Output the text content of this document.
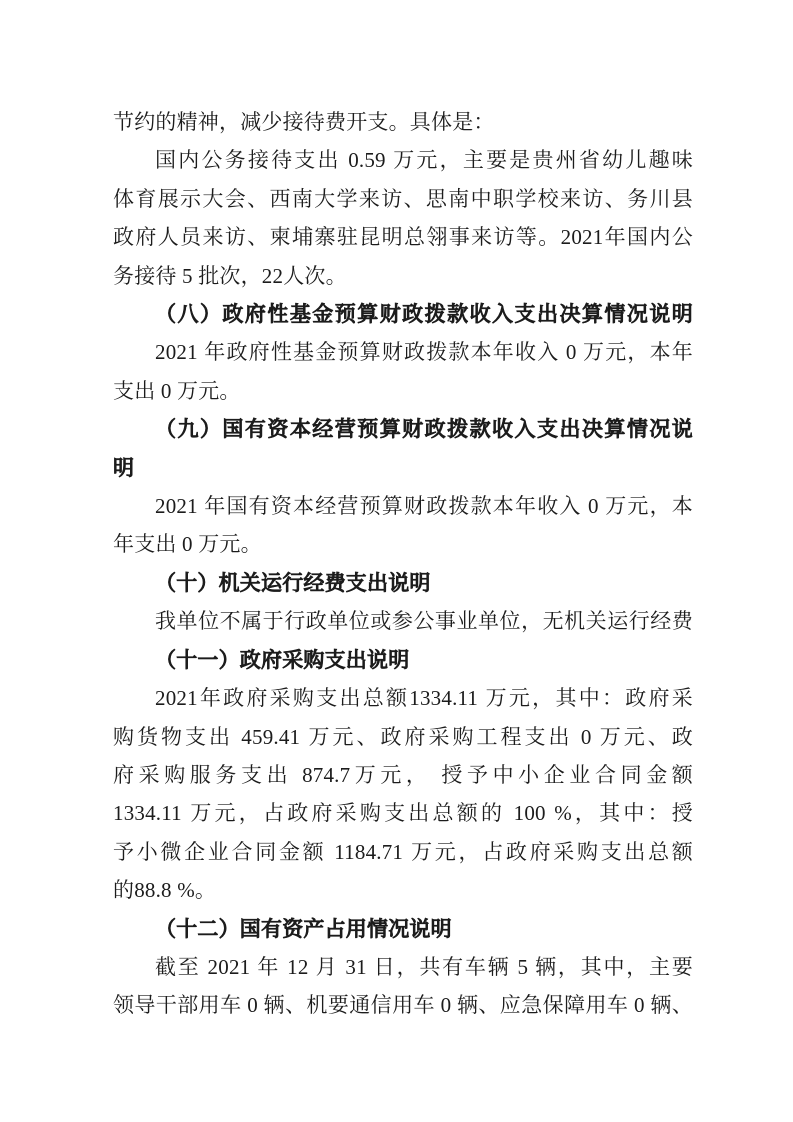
节约的精神，减少接待费开支。具体是：
国内公务接待支出 0.59 万元，主要是贵州省幼儿趣味
体育展示大会、西南大学来访、思南中职学校来访、务川县
政府人员来访、柬埔寨驻昆明总翎事来访等。2021年国内公
务接待 5 批次，22人次。
（八）政府性基金预算财政拨款收入支出决算情况说明
2021 年政府性基金预算财政拨款本年收入 0 万元，本年
支出 0 万元。
（九）国有资本经营预算财政拨款收入支出决算情况说
明
2021 年国有资本经营预算财政拨款本年收入 0 万元，本
年支出 0 万元。
（十）机关运行经费支出说明
我单位不属于行政单位或参公事业单位，无机关运行经费
（十一）政府采购支出说明
2021年政府采购支出总额1334.11 万元，其中：政府采
购货物支出 459.41 万元、政府采购工程支出 0 万元、政
府采购服务支出 874.7万元， 授予中小企业合同金额
1334.11 万元，占政府采购支出总额的 100 %，其中：授
予小微企业合同金额 1184.71 万元，占政府采购支出总额
的88.8 %。
（十二）国有资产占用情况说明
截至 2021 年 12 月 31 日，共有车辆 5 辆，其中，主要
领导干部用车 0 辆、机要通信用车 0 辆、应急保障用车 0 辆、
